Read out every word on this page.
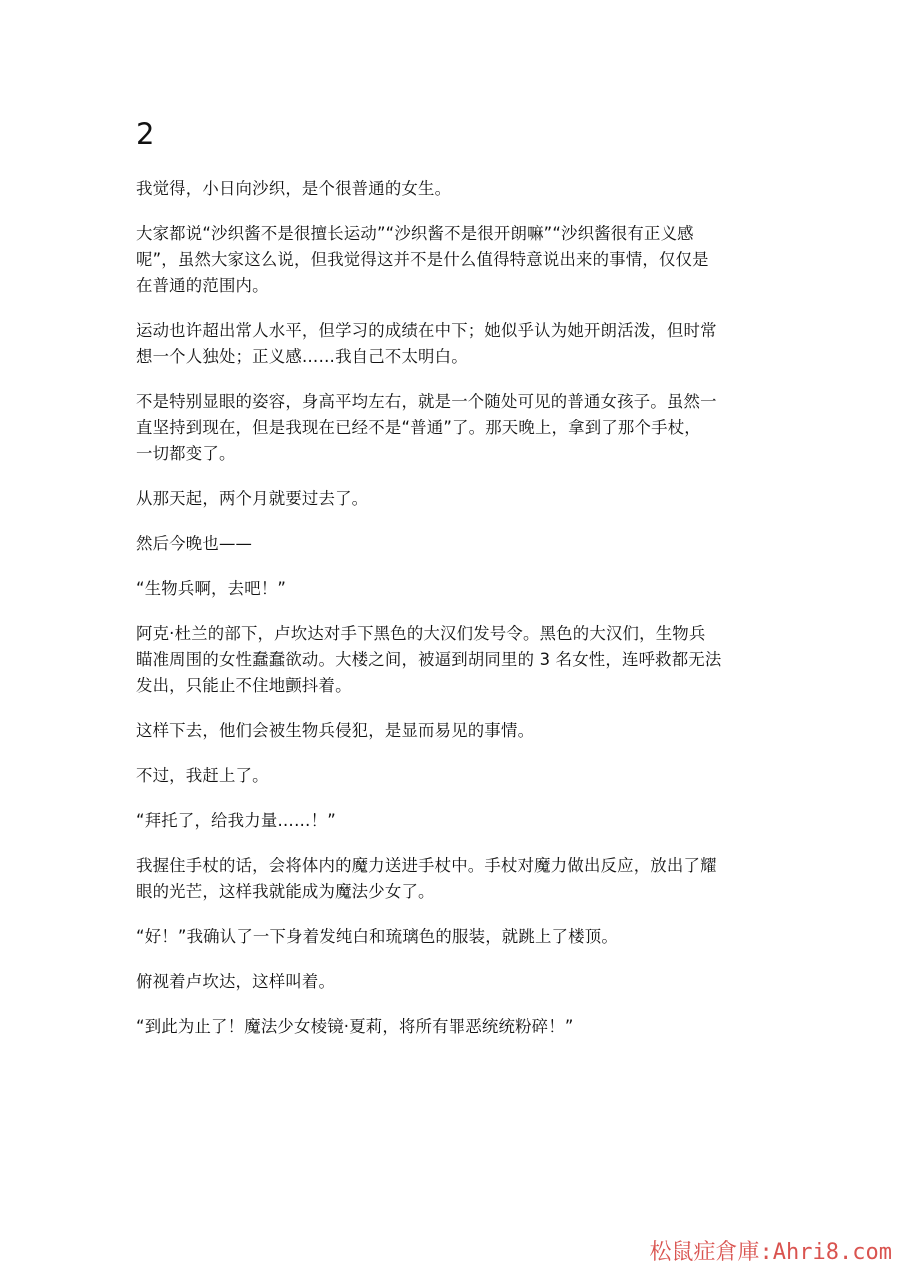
2

我觉得，小日向沙织，是个很普通的女生。

大家都说“沙织酱不是很擅长运动”“沙织酱不是很开朗嘛”“沙织酱很有正义感
呢”，虽然大家这么说，但我觉得这并不是什么值得特意说出来的事情，仅仅是
在普通的范围内。

运动也许超出常人水平，但学习的成绩在中下；她似乎认为她开朗活泼，但时常
想一个人独处；正义感……我自己不太明白。

不是特别显眼的姿容，身高平均左右，就是一个随处可见的普通女孩子。虽然一
直坚持到现在，但是我现在已经不是“普通”了。那天晚上，拿到了那个手杖，
一切都变了。

从那天起，两个月就要过去了。

然后今晚也——

“生物兵啊，去吧！”

阿克·杜兰的部下，卢坎达对手下黑色的大汉们发号令。黑色的大汉们，生物兵
瞄准周围的女性蠢蠢欲动。大楼之间，被逼到胡同里的 3 名女性，连呼救都无法
发出，只能止不住地颤抖着。

这样下去，他们会被生物兵侵犯，是显而易见的事情。

不过，我赶上了。

“拜托了，给我力量……！”

我握住手杖的话，会将体内的魔力送进手杖中。手杖对魔力做出反应，放出了耀
眼的光芒，这样我就能成为魔法少女了。

“好！”我确认了一下身着发纯白和琉璃色的服装，就跳上了楼顶。

俯视着卢坎达，这样叫着。

“到此为止了！魔法少女棱镜·夏莉，将所有罪恶统统粉碎！”

松鼠症倉庫:Ahri8.com
